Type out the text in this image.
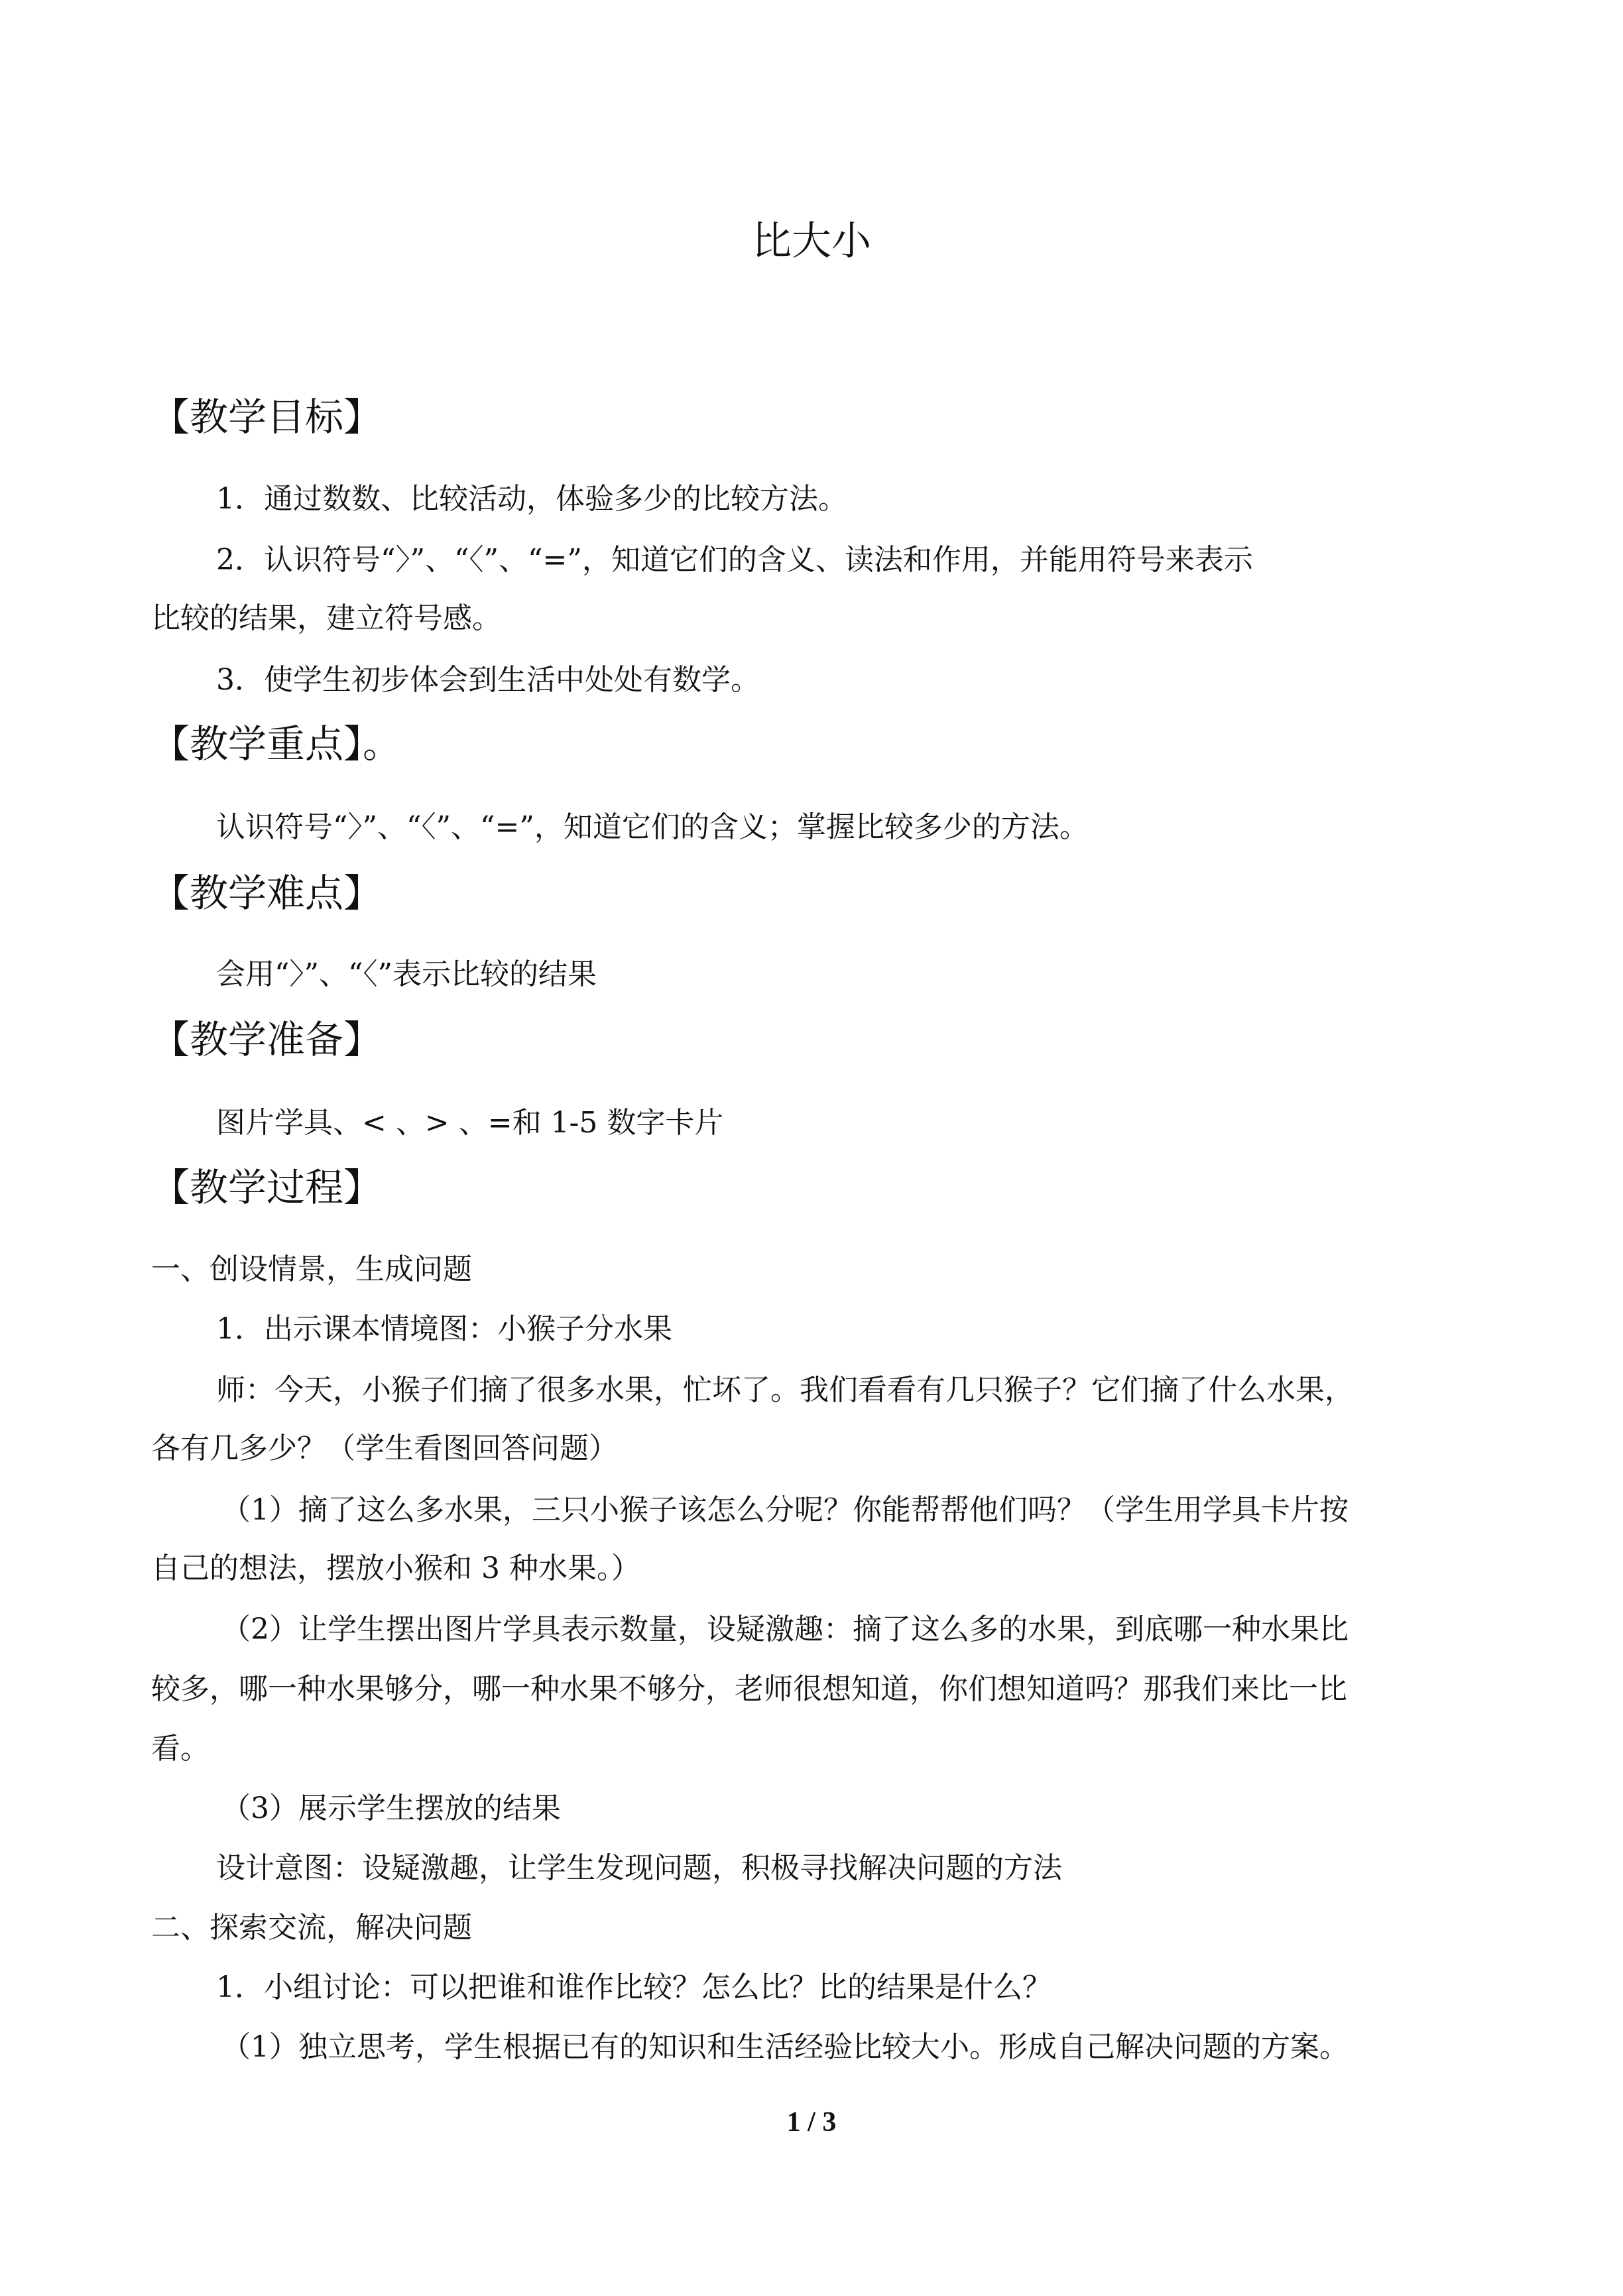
比大小
【教学目标】
1．通过数数、比较活动，体验多少的比较方法。
2．认识符号“〉”、“〈”、“=”，知道它们的含义、读法和作用，并能用符号来表示
比较的结果，建立符号感。
3．使学生初步体会到生活中处处有数学。
【教学重点】。
认识符号“〉”、“〈”、“=”，知道它们的含义；掌握比较多少的方法。
【教学难点】
会用“〉”、“〈”表示比较的结果
【教学准备】
图片学具、< 、> 、=和 1-5 数字卡片
【教学过程】
一、创设情景，生成问题
1．出示课本情境图：小猴子分水果
师：今天，小猴子们摘了很多水果，忙坏了。我们看看有几只猴子？它们摘了什么水果，
各有几多少？（学生看图回答问题）
（1）摘了这么多水果，三只小猴子该怎么分呢？你能帮帮他们吗？（学生用学具卡片按
自己的想法，摆放小猴和 3 种水果。）
（2）让学生摆出图片学具表示数量，设疑激趣：摘了这么多的水果，到底哪一种水果比
较多，哪一种水果够分，哪一种水果不够分，老师很想知道，你们想知道吗？那我们来比一比
看。
（3）展示学生摆放的结果
设计意图：设疑激趣，让学生发现问题，积极寻找解决问题的方法
二、探索交流，解决问题
1．小组讨论：可以把谁和谁作比较？怎么比？比的结果是什么？
（1）独立思考，学生根据已有的知识和生活经验比较大小。形成自己解决问题的方案。
1 / 3
